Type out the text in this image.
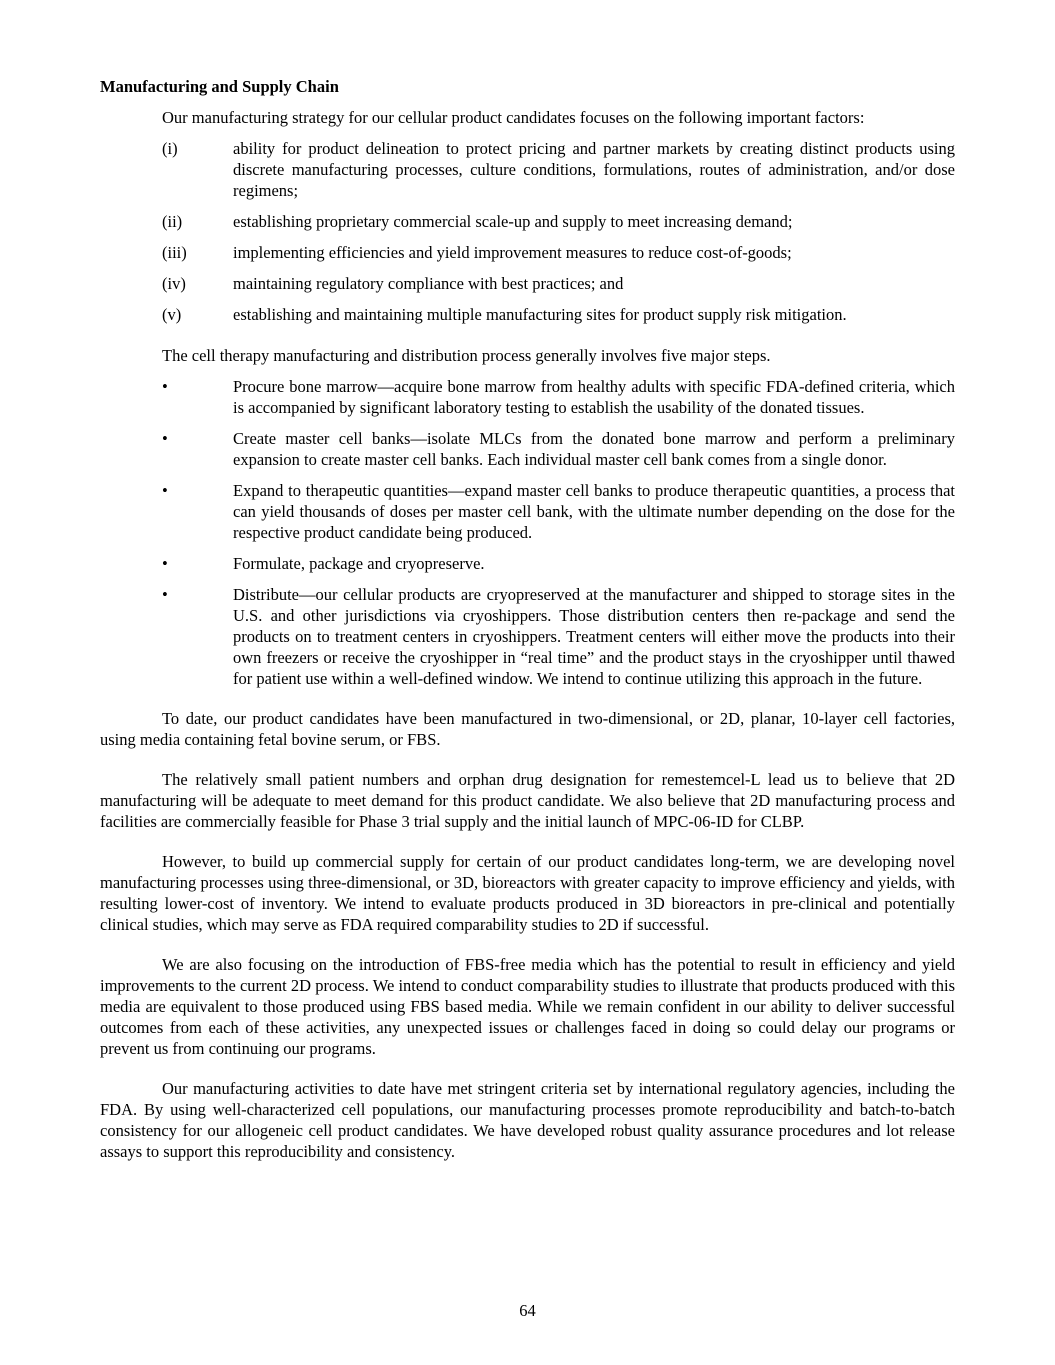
Manufacturing and Supply Chain

Our manufacturing strategy for our cellular product candidates focuses on the following important factors:

(i)	ability for product delineation to protect pricing and partner markets by creating distinct products using discrete manufacturing processes, culture conditions, formulations, routes of administration, and/or dose regimens;
(ii)	establishing proprietary commercial scale-up and supply to meet increasing demand;
(iii)	implementing efficiencies and yield improvement measures to reduce cost-of-goods;
(iv)	maintaining regulatory compliance with best practices; and
(v)	establishing and maintaining multiple manufacturing sites for product supply risk mitigation.

The cell therapy manufacturing and distribution process generally involves five major steps.

•	Procure bone marrow—acquire bone marrow from healthy adults with specific FDA-defined criteria, which is accompanied by significant laboratory testing to establish the usability of the donated tissues.
•	Create master cell banks—isolate MLCs from the donated bone marrow and perform a preliminary expansion to create master cell banks. Each individual master cell bank comes from a single donor.
•	Expand to therapeutic quantities—expand master cell banks to produce therapeutic quantities, a process that can yield thousands of doses per master cell bank, with the ultimate number depending on the dose for the respective product candidate being produced.
•	Formulate, package and cryopreserve.
•	Distribute—our cellular products are cryopreserved at the manufacturer and shipped to storage sites in the U.S. and other jurisdictions via cryoshippers. Those distribution centers then re-package and send the products on to treatment centers in cryoshippers. Treatment centers will either move the products into their own freezers or receive the cryoshipper in “real time” and the product stays in the cryoshipper until thawed for patient use within a well-defined window. We intend to continue utilizing this approach in the future.

To date, our product candidates have been manufactured in two-dimensional, or 2D, planar, 10-layer cell factories, using media containing fetal bovine serum, or FBS.

The relatively small patient numbers and orphan drug designation for remestemcel-L lead us to believe that 2D manufacturing will be adequate to meet demand for this product candidate. We also believe that 2D manufacturing process and facilities are commercially feasible for Phase 3 trial supply and the initial launch of MPC-06-ID for CLBP.

However, to build up commercial supply for certain of our product candidates long-term, we are developing novel manufacturing processes using three-dimensional, or 3D, bioreactors with greater capacity to improve efficiency and yields, with resulting lower-cost of inventory. We intend to evaluate products produced in 3D bioreactors in pre-clinical and potentially clinical studies, which may serve as FDA required comparability studies to 2D if successful.

We are also focusing on the introduction of FBS-free media which has the potential to result in efficiency and yield improvements to the current 2D process. We intend to conduct comparability studies to illustrate that products produced with this media are equivalent to those produced using FBS based media. While we remain confident in our ability to deliver successful outcomes from each of these activities, any unexpected issues or challenges faced in doing so could delay our programs or prevent us from continuing our programs.

Our manufacturing activities to date have met stringent criteria set by international regulatory agencies, including the FDA. By using well-characterized cell populations, our manufacturing processes promote reproducibility and batch-to-batch consistency for our allogeneic cell product candidates. We have developed robust quality assurance procedures and lot release assays to support this reproducibility and consistency.

64
